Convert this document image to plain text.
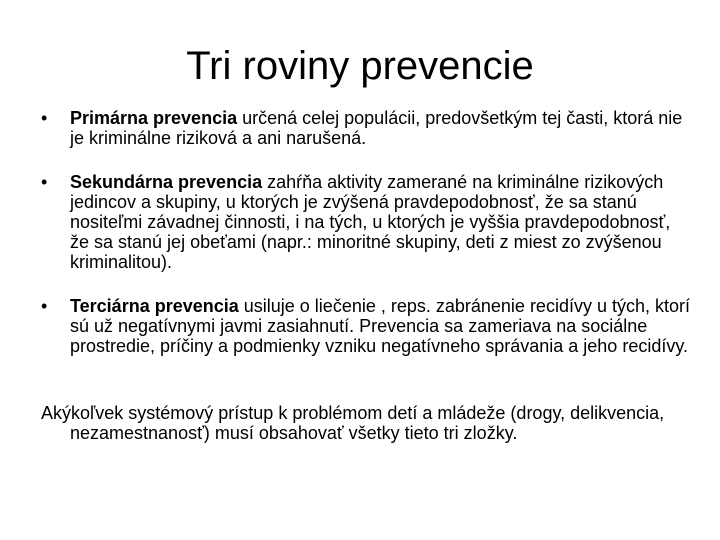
Tri roviny prevencie
• Primárna prevencia určená celej populácii, predovšetkým tej časti, ktorá nie je kriminálne riziková a ani narušená.
• Sekundárna prevencia zahŕňa aktivity zamerané na kriminálne rizikových jedincov a skupiny, u ktorých je zvýšená pravdepodobnosť, že sa stanú nositeľmi závadnej činnosti, i na tých, u ktorých je vyššia pravdepodobnosť, že sa stanú jej obeťami (napr.: minoritné skupiny, deti z miest zo zvýšenou kriminalitou).
• Terciárna prevencia usiluje o liečenie , reps. zabránenie recidívy u tých, ktorí sú už negatívnymi javmi zasiahnutí. Prevencia sa zameriava na sociálne prostredie, príčiny a podmienky vzniku negatívneho správania a jeho recidívy.

Akýkoľvek systémový prístup k problémom detí a mládeže (drogy, delikvencia, nezamestnanosť) musí obsahovať všetky tieto tri zložky.
